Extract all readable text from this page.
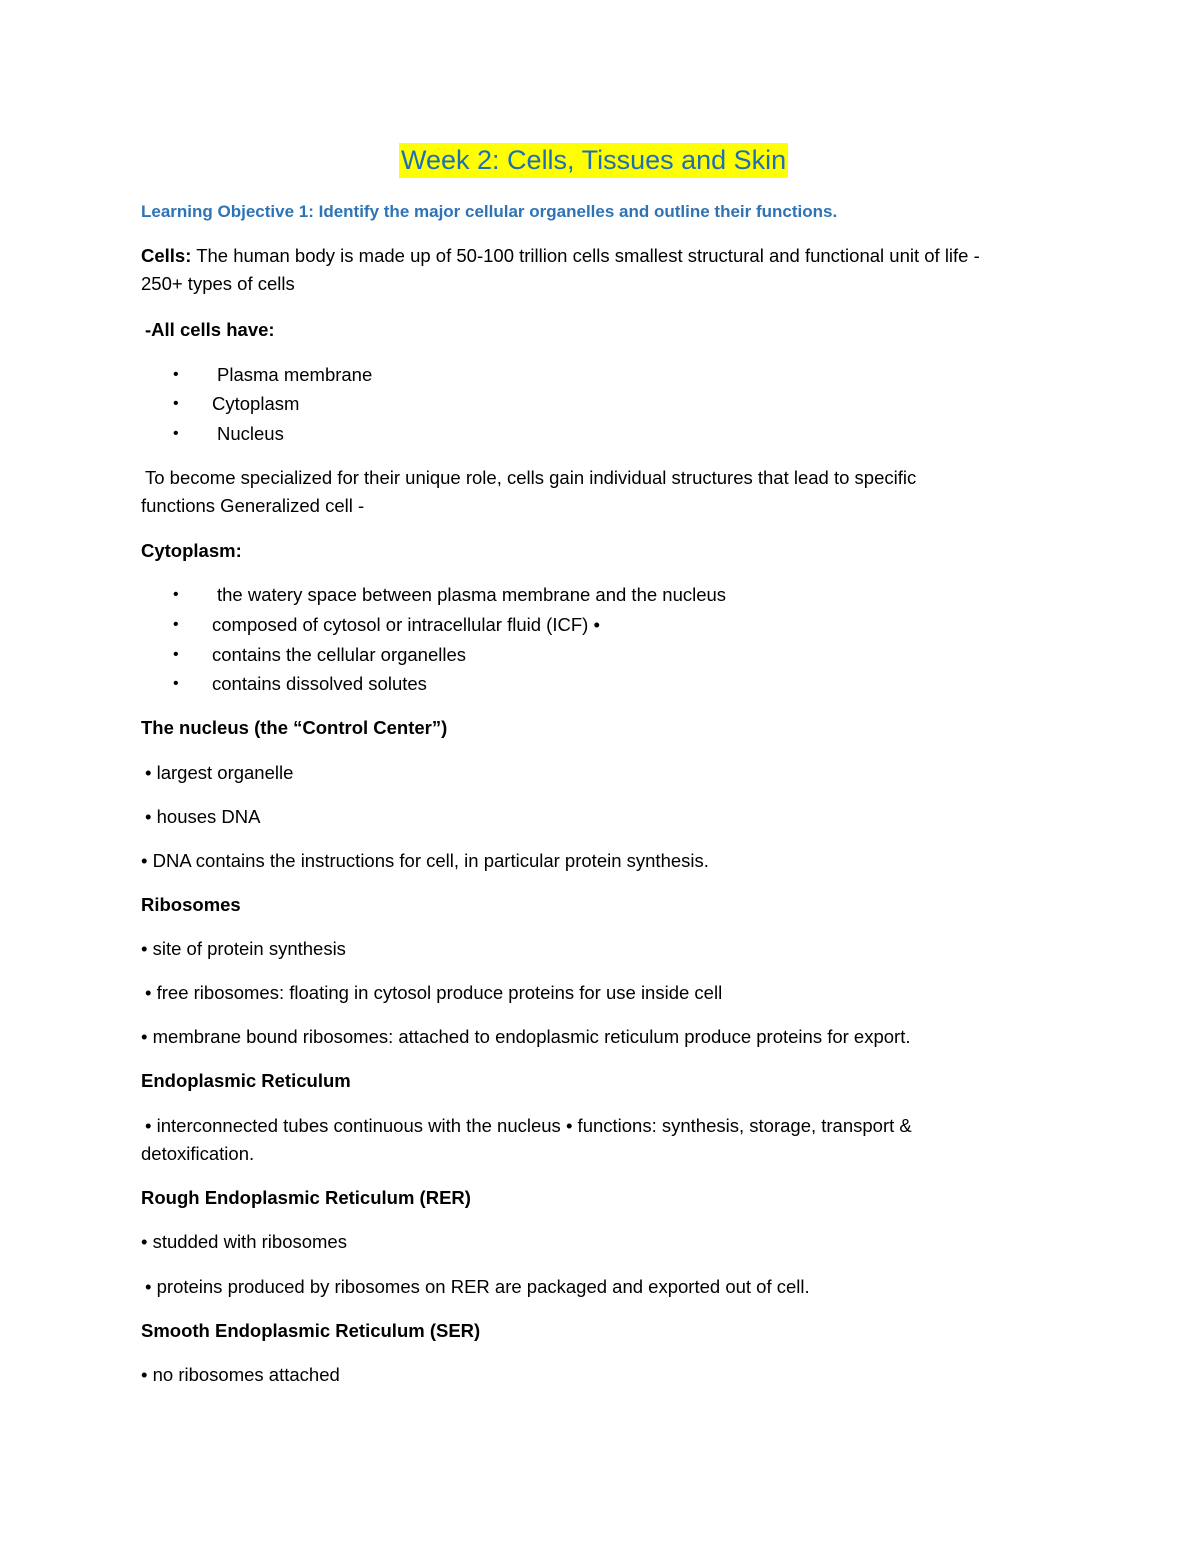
Week 2: Cells, Tissues and Skin

Learning Objective 1: Identify the major cellular organelles and outline their functions.

Cells: The human body is made up of 50-100 trillion cells smallest structural and functional unit of life -

250+ types of cells

-All cells have:

• Plasma membrane

• Cytoplasm

• Nucleus

To become specialized for their unique role, cells gain individual structures that lead to specific

functions Generalized cell -

Cytoplasm:

• the watery space between plasma membrane and the nucleus

• composed of cytosol or intracellular fluid (ICF) •

• contains the cellular organelles

• contains dissolved solutes

The nucleus (the “Control Center”)

• largest organelle

• houses DNA

• DNA contains the instructions for cell, in particular protein synthesis.

Ribosomes

• site of protein synthesis

• free ribosomes: floating in cytosol produce proteins for use inside cell

• membrane bound ribosomes: attached to endoplasmic reticulum produce proteins for export.

Endoplasmic Reticulum

• interconnected tubes continuous with the nucleus • functions: synthesis, storage, transport &

detoxification.

Rough Endoplasmic Reticulum (RER)

• studded with ribosomes

• proteins produced by ribosomes on RER are packaged and exported out of cell.

Smooth Endoplasmic Reticulum (SER)

• no ribosomes attached
